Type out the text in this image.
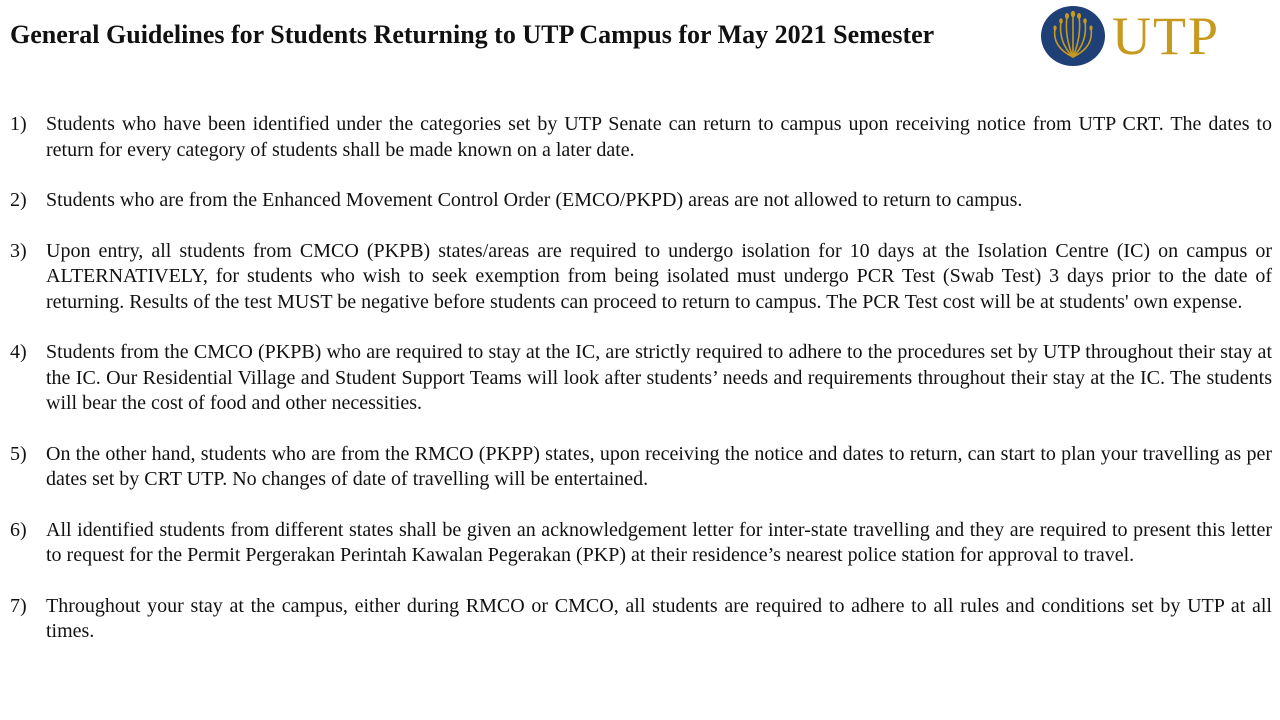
General Guidelines for Students Returning to UTP Campus for May 2021 Semester	UTP
1) Students who have been identified under the categories set by UTP Senate can return to campus upon receiving notice from UTP CRT. The dates to return for every category of students shall be made known on a later date.
2) Students who are from the Enhanced Movement Control Order (EMCO/PKPD) areas are not allowed to return to campus.
3) Upon entry, all students from CMCO (PKPB) states/areas are required to undergo isolation for 10 days at the Isolation Centre (IC) on campus or ALTERNATIVELY, for students who wish to seek exemption from being isolated must undergo PCR Test (Swab Test) 3 days prior to the date of returning. Results of the test MUST be negative before students can proceed to return to campus. The PCR Test cost will be at students' own expense.
4) Students from the CMCO (PKPB) who are required to stay at the IC, are strictly required to adhere to the procedures set by UTP throughout their stay at the IC. Our Residential Village and Student Support Teams will look after students’ needs and requirements throughout their stay at the IC. The students will bear the cost of food and other necessities.
5) On the other hand, students who are from the RMCO (PKPP) states, upon receiving the notice and dates to return, can start to plan your travelling as per dates set by CRT UTP. No changes of date of travelling will be entertained.
6) All identified students from different states shall be given an acknowledgement letter for inter-state travelling and they are required to present this letter to request for the Permit Pergerakan Perintah Kawalan Pegerakan (PKP) at their residence’s nearest police station for approval to travel.
7) Throughout your stay at the campus, either during RMCO or CMCO, all students are required to adhere to all rules and conditions set by UTP at all times.
